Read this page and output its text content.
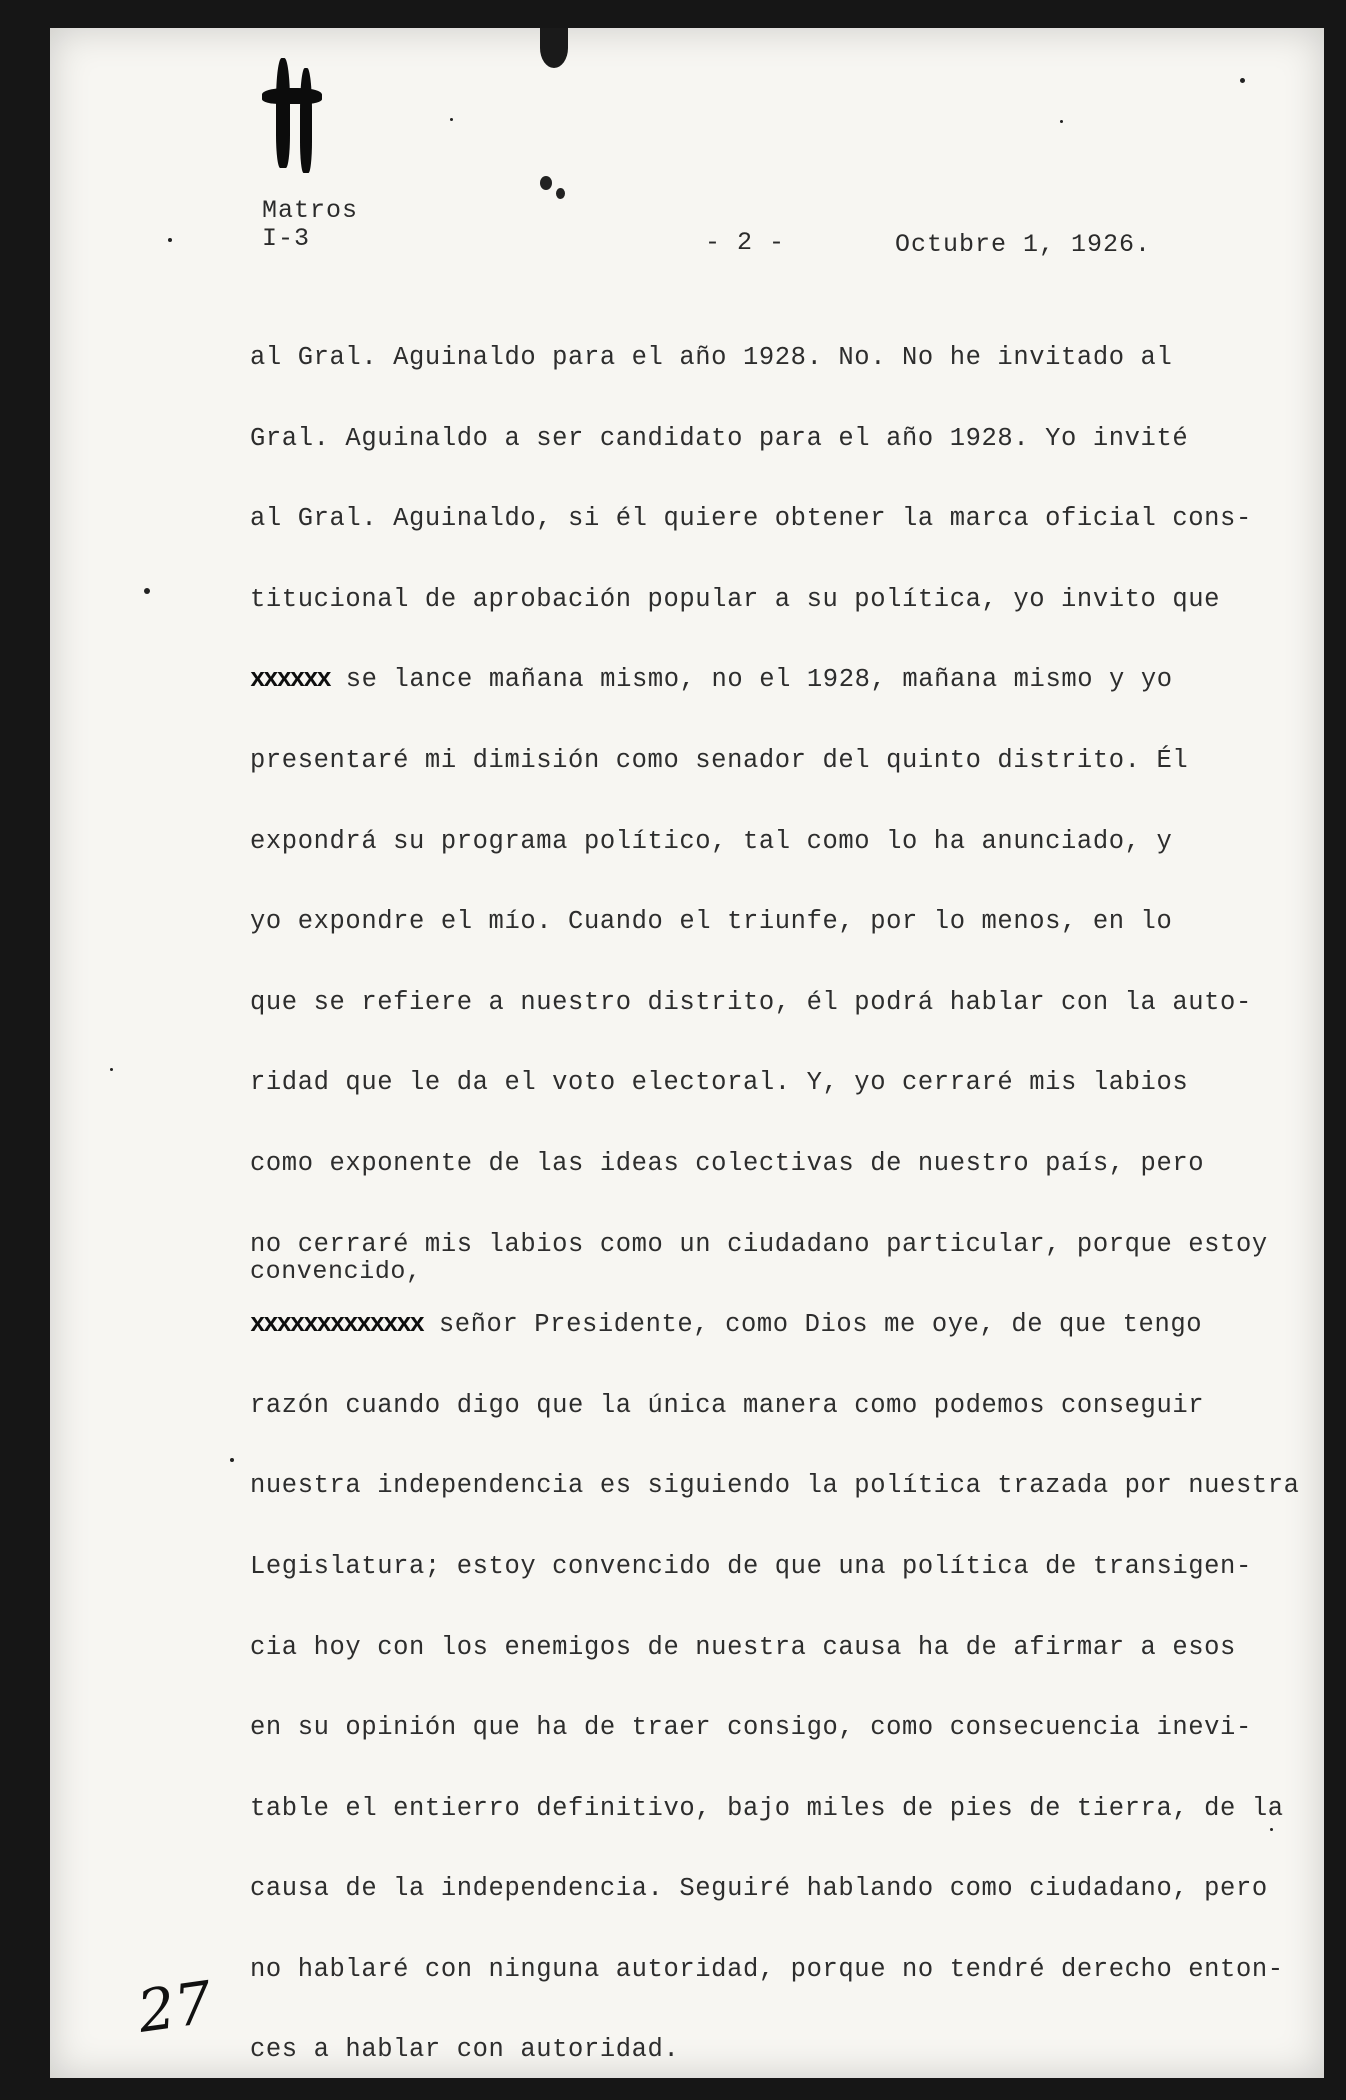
Matros
I-3	- 2 -	Octubre 1, 1926.
al Gral. Aguinaldo para el año 1928. No. No he invitado al
Gral. Aguinaldo a ser candidato para el año 1928. Yo invité
al Gral. Aguinaldo, si él quiere obtener la marca oficial cons-
titucional de aprobación popular a su política, yo invito que
xxxxxx se lance mañana mismo, no el 1928, mañana mismo y yo
presentaré mi dimisión como senador del quinto distrito. Él
expondrá su programa político, tal como lo ha anunciado, y
yo expondre el mío. Cuando el triunfe, por lo menos, en lo
que se refiere a nuestro distrito, él podrá hablar con la auto-
ridad que le da el voto electoral. Y, yo cerraré mis labios
como exponente de las ideas colectivas de nuestro país, pero
no cerraré mis labios como un ciudadano particular, porque estoy
convencido,
xxxxxxxxxxxxx señor Presidente, como Dios me oye, de que tengo
razón cuando digo que la única manera como podemos conseguir
nuestra independencia es siguiendo la política trazada por nuestra
Legislatura; estoy convencido de que una política de transigen-
cia hoy con los enemigos de nuestra causa ha de afirmar a esos
en su opinión que ha de traer consigo, como consecuencia inevi-
table el entierro definitivo, bajo miles de pies de tierra, de la
causa de la independencia. Seguiré hablando como ciudadano, pero
no hablaré con ninguna autoridad, porque no tendré derecho enton-
ces a hablar con autoridad.
27
